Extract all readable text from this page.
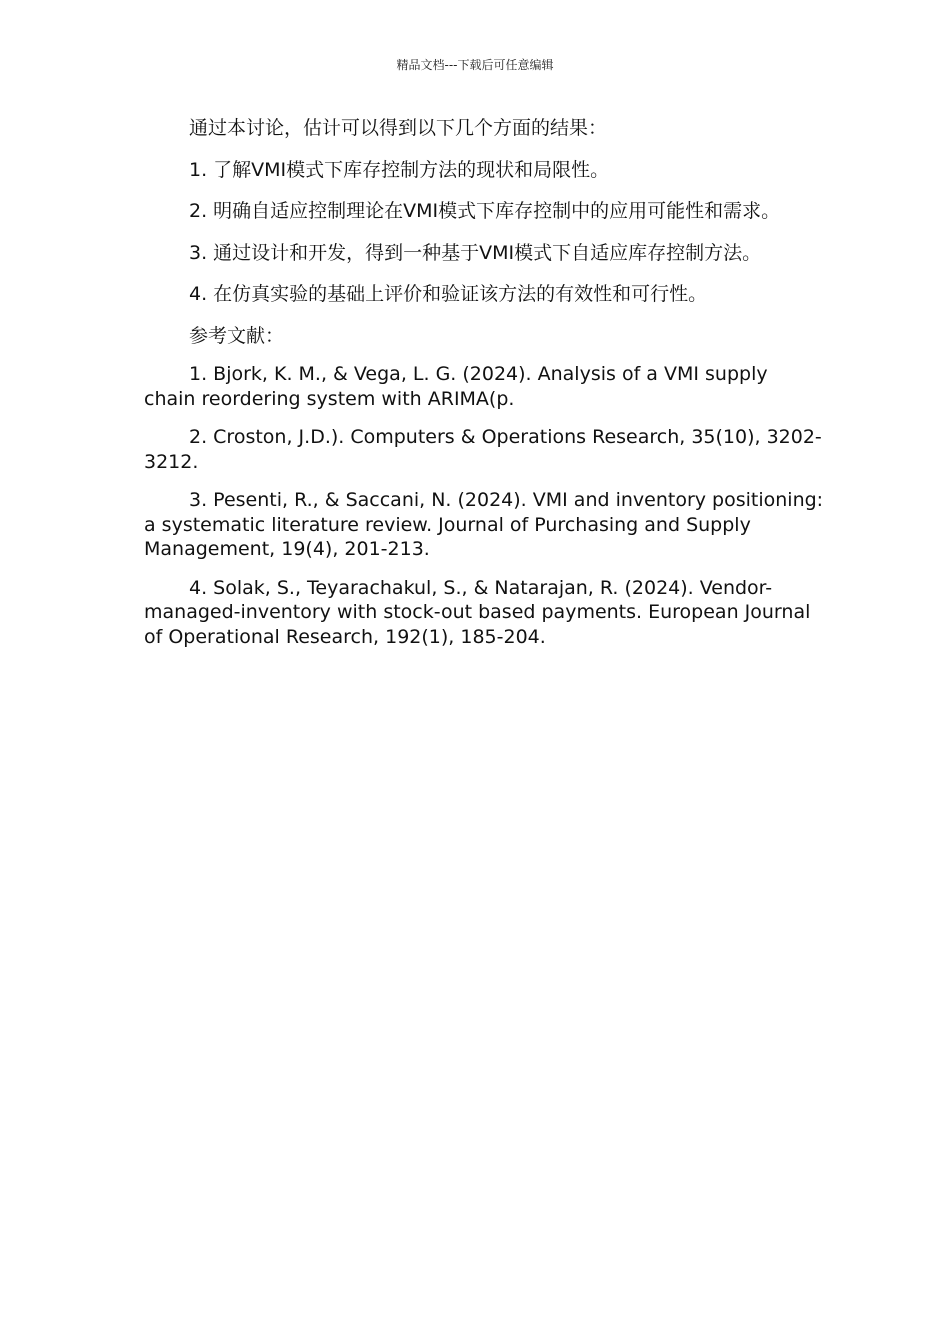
精品文档---下载后可任意编辑

通过本讨论，估计可以得到以下几个方面的结果：

1. 了解VMI模式下库存控制方法的现状和局限性。

2. 明确自适应控制理论在VMI模式下库存控制中的应用可能性和需求。

3. 通过设计和开发，得到一种基于VMI模式下自适应库存控制方法。

4. 在仿真实验的基础上评价和验证该方法的有效性和可行性。

参考文献：

1. Bjork, K. M., & Vega, L. G. (2024). Analysis of a VMI supply chain reordering system with ARIMA(p.

2. Croston, J.D.). Computers & Operations Research, 35(10), 3202-3212.

3. Pesenti, R., & Saccani, N. (2024). VMI and inventory positioning: a systematic literature review. Journal of Purchasing and Supply Management, 19(4), 201-213.

4. Solak, S., Teyarachakul, S., & Natarajan, R. (2024). Vendor-managed-inventory with stock-out based payments. European Journal of Operational Research, 192(1), 185-204.
